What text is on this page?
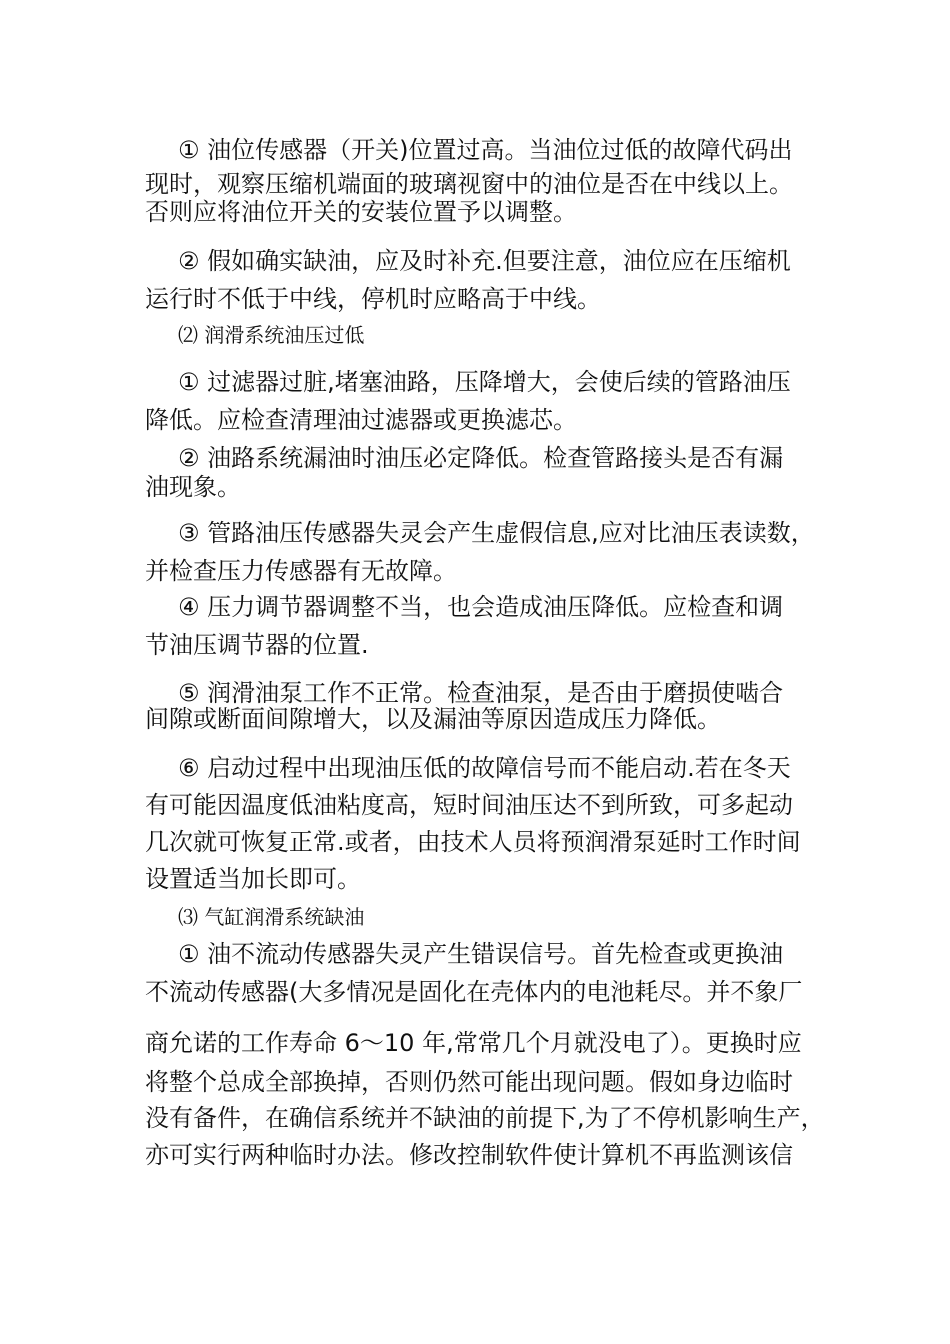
① 油位传感器（开关)位置过高。当油位过低的故障代码出

现时，观察压缩机端面的玻璃视窗中的油位是否在中线以上。

否则应将油位开关的安装位置予以调整。

② 假如确实缺油，应及时补充.但要注意，油位应在压缩机

运行时不低于中线，停机时应略高于中线。

⑵ 润滑系统油压过低

① 过滤器过脏,堵塞油路，压降增大，会使后续的管路油压

降低。应检查清理油过滤器或更换滤芯。

② 油路系统漏油时油压必定降低。检查管路接头是否有漏

油现象。

③ 管路油压传感器失灵会产生虚假信息,应对比油压表读数，

并检查压力传感器有无故障。

④ 压力调节器调整不当，也会造成油压降低。应检查和调

节油压调节器的位置.

⑤ 润滑油泵工作不正常。检查油泵，是否由于磨损使啮合

间隙或断面间隙增大，以及漏油等原因造成压力降低。

⑥ 启动过程中出现油压低的故障信号而不能启动.若在冬天

有可能因温度低油粘度高，短时间油压达不到所致，可多起动

几次就可恢复正常.或者，由技术人员将预润滑泵延时工作时间

设置适当加长即可。

⑶ 气缸润滑系统缺油

① 油不流动传感器失灵产生错误信号。首先检查或更换油

不流动传感器(大多情况是固化在壳体内的电池耗尽。并不象厂

商允诺的工作寿命 6～10 年,常常几个月就没电了）。更换时应

将整个总成全部换掉，否则仍然可能出现问题。假如身边临时

没有备件，在确信系统并不缺油的前提下,为了不停机影响生产，

亦可实行两种临时办法。修改控制软件使计算机不再监测该信
